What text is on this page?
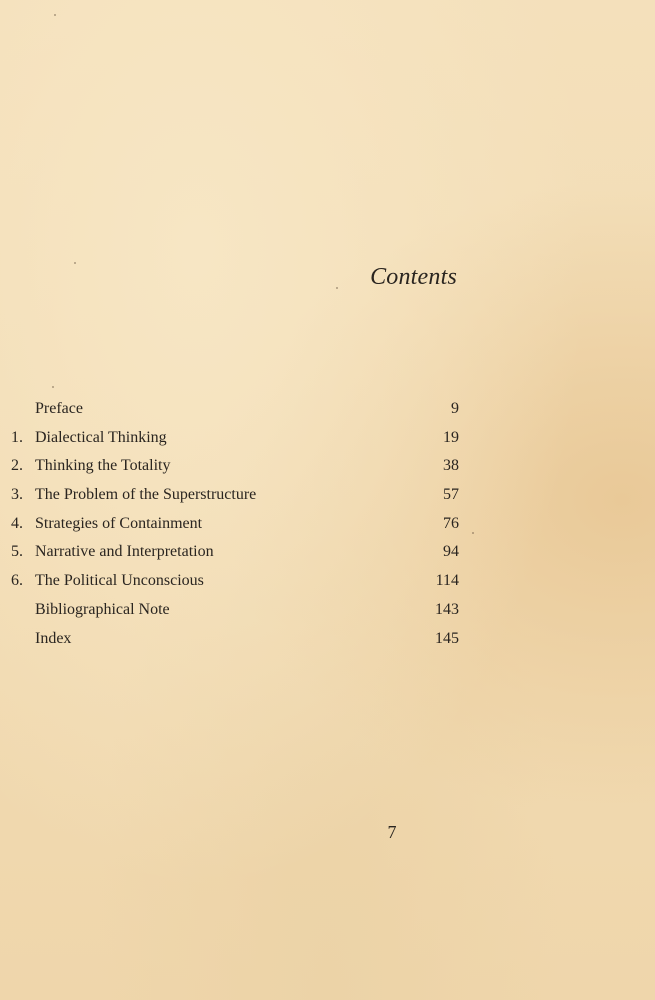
Contents
Preface	9
1. Dialectical Thinking	19
2. Thinking the Totality	38
3. The Problem of the Superstructure	57
4. Strategies of Containment	76
5. Narrative and Interpretation	94
6. The Political Unconscious	114
Bibliographical Note	143
Index	145
7
